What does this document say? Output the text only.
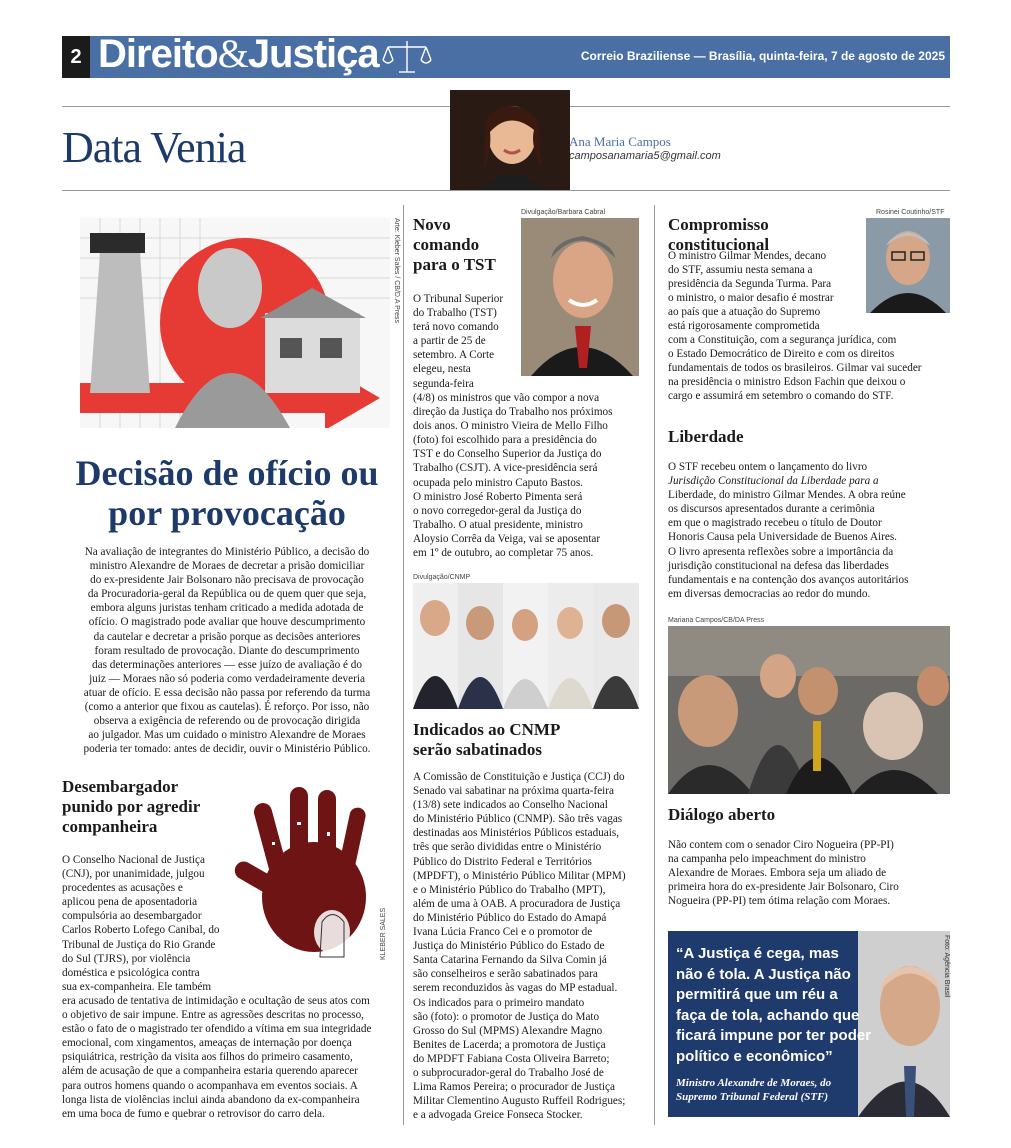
2 Direito&Justiça	Correio Braziliense — Brasília, quinta-feira, 7 de agosto de 2025
Data Venia	Ana Maria Campos
camposanamaria5@gmail.com
Arte: Kleber Sales / CB/D.A Press
Decisão de ofício ou
por provocação
Na avaliação de integrantes do Ministério Público, a decisão do
ministro Alexandre de Moraes de decretar a prisão domiciliar
do ex-presidente Jair Bolsonaro não precisava de provocação
da Procuradoria-geral da República ou de quem quer que seja,
embora alguns juristas tenham criticado a medida adotada de
ofício. O magistrado pode avaliar que houve descumprimento
da cautelar e decretar a prisão porque as decisões anteriores
foram resultado de provocação. Diante do descumprimento
das determinações anteriores — esse juízo de avaliação é do
juiz — Moraes não só poderia como verdadeiramente deveria
atuar de ofício. E essa decisão não passa por referendo da turma
(como a anterior que fixou as cautelas). É reforço. Por isso, não
observa a exigência de referendo ou de provocação dirigida
ao julgador. Mas um cuidado o ministro Alexandre de Moraes
poderia ter tomado: antes de decidir, ouvir o Ministério Público.
Desembargador
punido por agredir
companheira
KLEBER SALES
O Conselho Nacional de Justiça
(CNJ), por unanimidade, julgou
procedentes as acusações e
aplicou pena de aposentadoria
compulsória ao desembargador
Carlos Roberto Lofego Canibal, do
Tribunal de Justiça do Rio Grande
do Sul (TJRS), por violência
doméstica e psicológica contra
sua ex-companheira. Ele também
era acusado de tentativa de intimidação e ocultação de seus atos com
o objetivo de sair impune. Entre as agressões descritas no processo,
estão o fato de o magistrado ter ofendido a vítima em sua integridade
emocional, com xingamentos, ameaças de internação por doença
psiquiátrica, restrição da visita aos filhos do primeiro casamento,
além de acusação de que a companheira estaria querendo aparecer
para outros homens quando o acompanhava em eventos sociais. A
longa lista de violências inclui ainda abandono da ex-companheira
em uma boca de fumo e quebrar o retrovisor do carro dela.
Novo
comando
para o TST
Divulgação/Barbara Cabral
O Tribunal Superior
do Trabalho (TST)
terá novo comando
a partir de 25 de
setembro. A Corte
elegeu, nesta
segunda-feira
(4/8) os ministros que vão compor a nova
direção da Justiça do Trabalho nos próximos
dois anos. O ministro Vieira de Mello Filho
(foto) foi escolhido para a presidência do
TST e do Conselho Superior da Justiça do
Trabalho (CSJT). A vice-presidência será
ocupada pelo ministro Caputo Bastos.
O ministro José Roberto Pimenta será
o novo corregedor-geral da Justiça do
Trabalho. O atual presidente, ministro
Aloysio Corrêa da Veiga, vai se aposentar
em 1º de outubro, ao completar 75 anos.
Divulgação/CNMP
Indicados ao CNMP
serão sabatinados
A Comissão de Constituição e Justiça (CCJ) do
Senado vai sabatinar na próxima quarta-feira
(13/8) sete indicados ao Conselho Nacional
do Ministério Público (CNMP). São três vagas
destinadas aos Ministérios Públicos estaduais,
três que serão divididas entre o Ministério
Público do Distrito Federal e Territórios
(MPDFT), o Ministério Público Militar (MPM)
e o Ministério Público do Trabalho (MPT),
além de uma à OAB. A procuradora de Justiça
do Ministério Público do Estado do Amapá
Ivana Lúcia Franco Cei e o promotor de
Justiça do Ministério Público do Estado de
Santa Catarina Fernando da Silva Comin já
são conselheiros e serão sabatinados para
serem reconduzidos às vagas do MP estadual.
Os indicados para o primeiro mandato
são (foto): o promotor de Justiça do Mato
Grosso do Sul (MPMS) Alexandre Magno
Benites de Lacerda; a promotora de Justiça
do MPDFT Fabiana Costa Oliveira Barreto;
o subprocurador-geral do Trabalho José de
Lima Ramos Pereira; o procurador de Justiça
Militar Clementino Augusto Ruffeil Rodrigues;
e a advogada Greice Fonseca Stocker.
Compromisso constitucional
Rosinei Coutinho/STF
O ministro Gilmar Mendes, decano
do STF, assumiu nesta semana a
presidência da Segunda Turma. Para
o ministro, o maior desafio é mostrar
ao país que a atuação do Supremo
está rigorosamente comprometida
com a Constituição, com a segurança jurídica, com
o Estado Democrático de Direito e com os direitos
fundamentais de todos os brasileiros. Gilmar vai suceder
na presidência o ministro Edson Fachin que deixou o
cargo e assumirá em setembro o comando do STF.
Liberdade
O STF recebeu ontem o lançamento do livro
Jurisdição Constitucional da Liberdade para a
Liberdade, do ministro Gilmar Mendes. A obra reúne
os discursos apresentados durante a cerimônia
em que o magistrado recebeu o título de Doutor
Honoris Causa pela Universidade de Buenos Aires.
O livro apresenta reflexões sobre a importância da
jurisdição constitucional na defesa das liberdades
fundamentais e na contenção dos avanços autoritários
em diversas democracias ao redor do mundo.
Mariana Campos/CB/DA Press
Diálogo aberto
Não contem com o senador Ciro Nogueira (PP-PI)
na campanha pelo impeachment do ministro
Alexandre de Moraes. Embora seja um aliado de
primeira hora do ex-presidente Jair Bolsonaro, Ciro
Nogueira (PP-PI) tem ótima relação com Moraes.
Foto: Agência Brasil
“A Justiça é cega, mas
não é tola. A Justiça não
permitirá que um réu a
faça de tola, achando que
ficará impune por ter poder
político e econômico”
Ministro Alexandre de Moraes, do
Supremo Tribunal Federal (STF)
